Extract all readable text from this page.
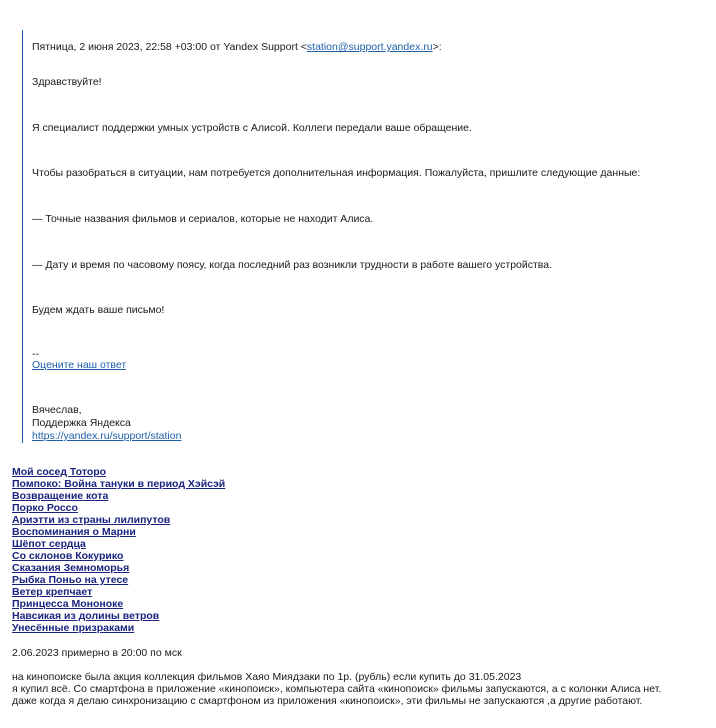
Пятница, 2 июня 2023, 22:58 +03:00 от Yandex Support <station@support.yandex.ru>:

Здравствуйте!

Я специалист поддержки умных устройств с Алисой. Коллеги передали ваше обращение.

Чтобы разобраться в ситуации, нам потребуется дополнительная информация. Пожалуйста, пришлите следующие данные:

— Точные названия фильмов и сериалов, которые не находит Алиса.

— Дату и время по часовому поясу, когда последний раз возникли трудности в работе вашего устройства.

Будем ждать ваше письмо!

--

Оцените наш ответ

Вячеслав,

Поддержка Яндекса

https://yandex.ru/support/station

Мой сосед Тоторо
Помпоко: Война тануки в период Хэйсэй
Возвращение кота
Порко Россо
Ариэтти из страны лилипутов
Воспоминания о Марни
Шёпот сердца
Со склонов Кокурико
Сказания Земноморья
Рыбка Поньо на утесе
Ветер крепчает
Принцесса Мононоке
Навсикая из долины ветров
Унесённые призраками
2.06.2023 примерно в 20:00 по мск
на кинопоиске была акция коллекция фильмов Хаяо Миядзаки по 1р. (рубль) если купить до 31.05.2023
я купил всё. Со смартфона в приложение «кинопоиск», компьютера сайта «кинопоиск» фильмы запускаются, а с колонки Алиса нет.
даже когда я делаю синхронизацию с смартфоном из приложения «кинопоиск», эти фильмы не запускаются ,а другие работают.
